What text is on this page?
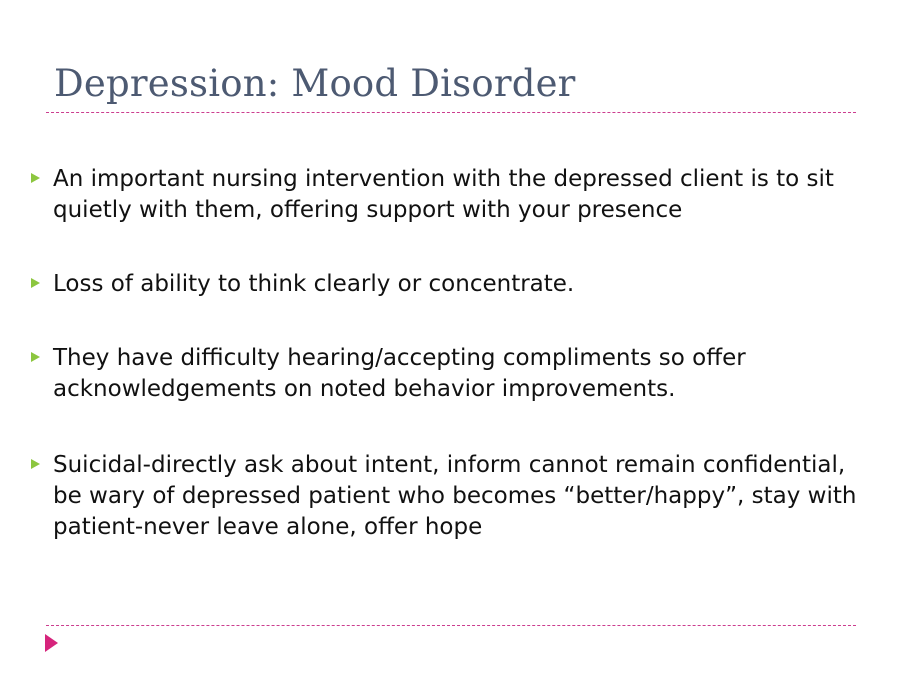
Depression: Mood Disorder
An important nursing intervention with the depressed client is to sit quietly with them, offering support with your presence
Loss of ability to think clearly or concentrate.
They have difficulty hearing/accepting compliments so offer acknowledgements on noted behavior improvements.
Suicidal-directly ask about intent, inform cannot remain confidential, be wary of depressed patient who becomes “better/happy”, stay with patient-never leave alone, offer hope
